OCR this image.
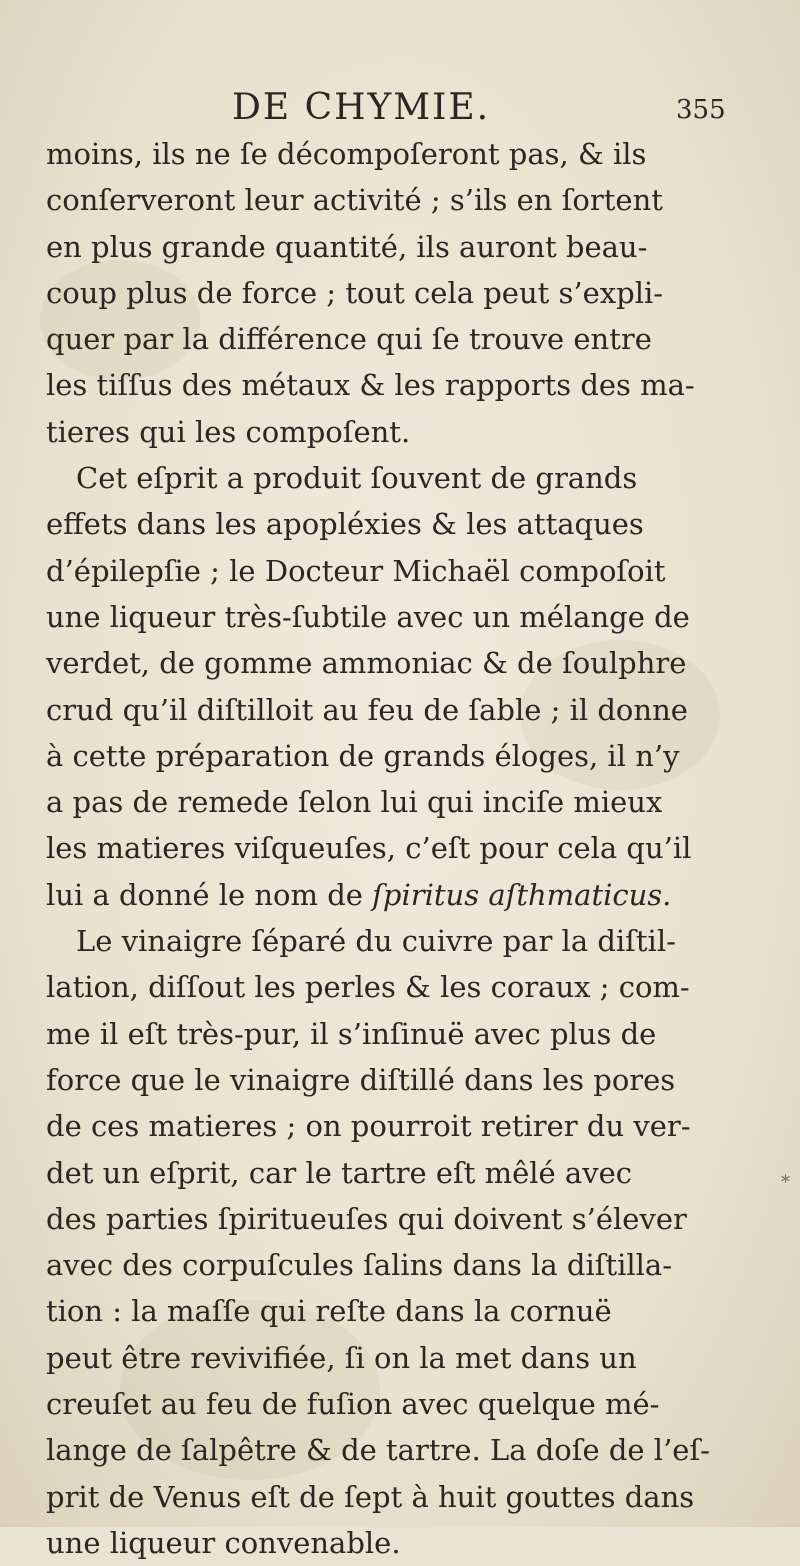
DE CHYMIE.	355
moins, ils ne ſe décompoſeront pas, & ils
conſerveront leur activité ; s’ils en ſortent
en plus grande quantité, ils auront beau-
coup plus de force ; tout cela peut s’expli-
quer par la différence qui ſe trouve entre
les tiſſus des métaux & les rapports des ma-
tieres qui les compoſent.
Cet eſprit a produit ſouvent de grands
effets dans les apopléxies & les attaques
d’épilepſie ; le Docteur Michaël compoſoit
une liqueur très-ſubtile avec un mélange de
verdet, de gomme ammoniac & de ſoulphre
crud qu’il diſtilloit au feu de ſable ; il donne
à cette préparation de grands éloges, il n’y
a pas de remede ſelon lui qui inciſe mieux
les matieres viſqueuſes, c’eſt pour cela qu’il
lui a donné le nom de ſpiritus aſthmaticus.
Le vinaigre ſéparé du cuivre par la diſtil-
lation, diſſout les perles & les coraux ; com-
me il eſt très-pur, il s’inſinuë avec plus de
force que le vinaigre diſtillé dans les pores
de ces matieres ; on pourroit retirer du ver-
det un eſprit, car le tartre eſt mêlé avec
des parties ſpiritueuſes qui doivent s’élever
avec des corpuſcules ſalins dans la diſtilla-
tion : la maſſe qui reſte dans la cornuë
peut être revivifiée, ſi on la met dans un
creuſet au feu de fuſion avec quelque mé-
lange de ſalpêtre & de tartre. La doſe de l’eſ-
prit de Venus eſt de ſept à huit gouttes dans
une liqueur convenable.
*
